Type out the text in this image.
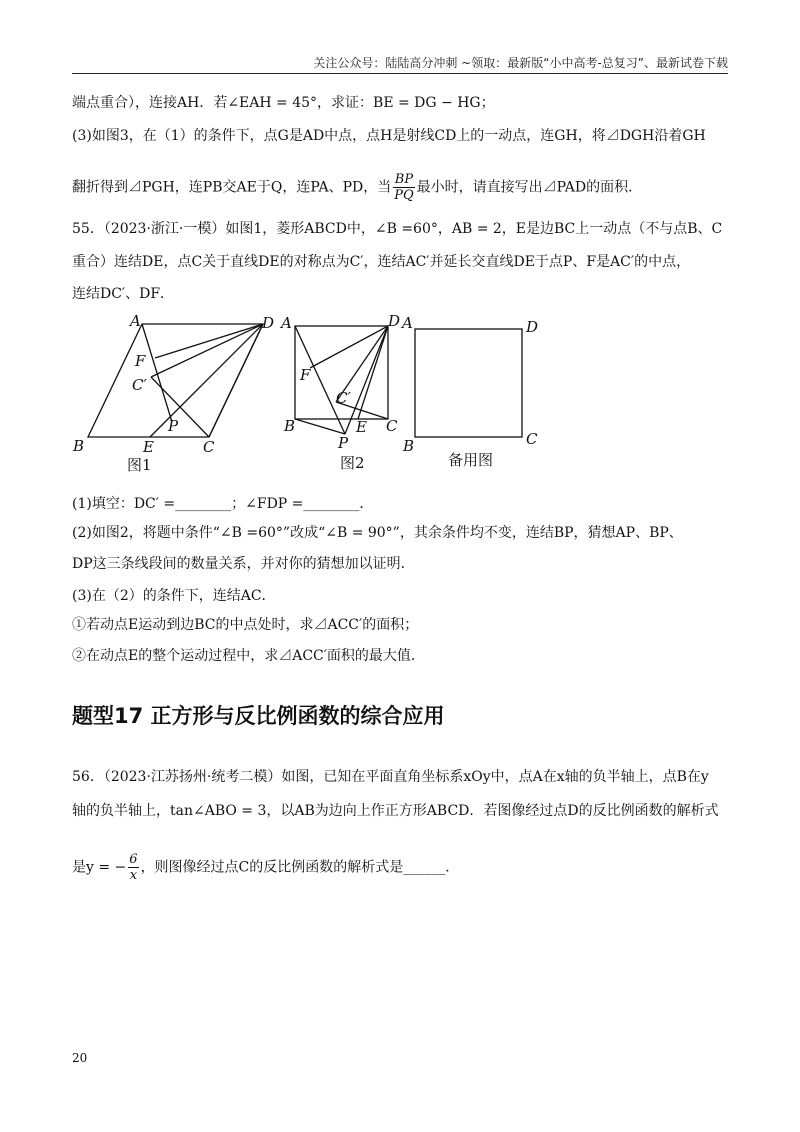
关注公众号：陆陆高分冲刺 ~领取：最新版“小中高考-总复习”、最新试卷下载
端点重合），连接AH．若∠EAH = 45°，求证：BE = DG − HG；
(3)如图3，在（1）的条件下，点G是AD中点，点H是射线CD上的一动点，连GH，将⊿DGH沿着GH
翻折得到⊿PGH，连PB交AE于Q，连PA、PD，当 $\frac{BP}{PQ}$ 最小时，请直接写出⊿PAD的面积．
55．（2023·浙江·一模）如图1，菱形ABCD中，∠B =60°，AB = 2，E是边BC上一动点（不与点B、C
重合）连结DE，点C关于直线DE的对称点为C′，连结AC′并延长交直线DE于点P、F是AC′的中点，
连结DC′、DF．
A	D
F
C′
P
B	E	C
A	D
F
C′
B	E C
P
A	D
B	C
图1	图2	备用图
(1)填空：DC′ =________；∠FDP =________．
(2)如图2，将题中条件“∠B =60°”改成“∠B = 90°”，其余条件均不变，连结BP，猜想AP、BP、
DP这三条线段间的数量关系，并对你的猜想加以证明．
(3)在（2）的条件下，连结AC．
①若动点E运动到边BC的中点处时，求⊿ACC′的面积；
②在动点E的整个运动过程中，求⊿ACC′面积的最大值．
题型17 正方形与反比例函数的综合应用
56．（2023·江苏扬州·统考二模）如图，已知在平面直角坐标系xOy中，点A在x轴的负半轴上，点B在y
轴的负半轴上，tan∠ABO = 3，以AB为边向上作正方形ABCD．若图像经过点D的反比例函数的解析式
是y = − $\frac{6}{x}$ ，则图像经过点C的反比例函数的解析式是______．
20
